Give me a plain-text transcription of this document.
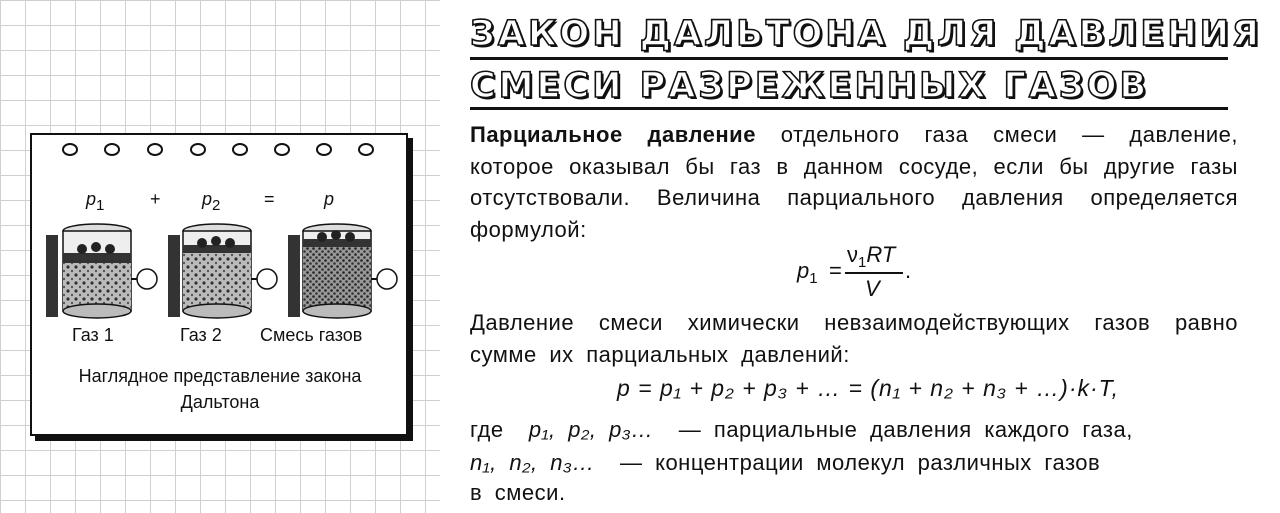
ЗАКОН ДАЛЬТОНА ДЛЯ ДАВЛЕНИЯ
СМЕСИ РАЗРЕЖЕННЫХ ГАЗОВ

Парциальное давление отдельного газа смеси — давление, которое оказывал бы газ в данном сосуде, если бы другие газы отсутствовали. Величина парциального давления определяется формулой:

$p_1$ =
$\nu_1RT$
V
.

Давление смеси химически невзаимодействующих газов равно сумме их парциальных давлений:

p = p₁ + p₂ + p₃ + … = (n₁ + n₂ + n₃ + …)·k·T,
где p₁, p₂, p₃… — парциальные давления каждого газа,
n₁, n₂, n₃… — концентрации молекул различных газов
в смеси.
$p_1$	+ $p_2$ =	p
Газ 1	Газ 2 Смесь газов
Наглядное представление закона Дальтона
